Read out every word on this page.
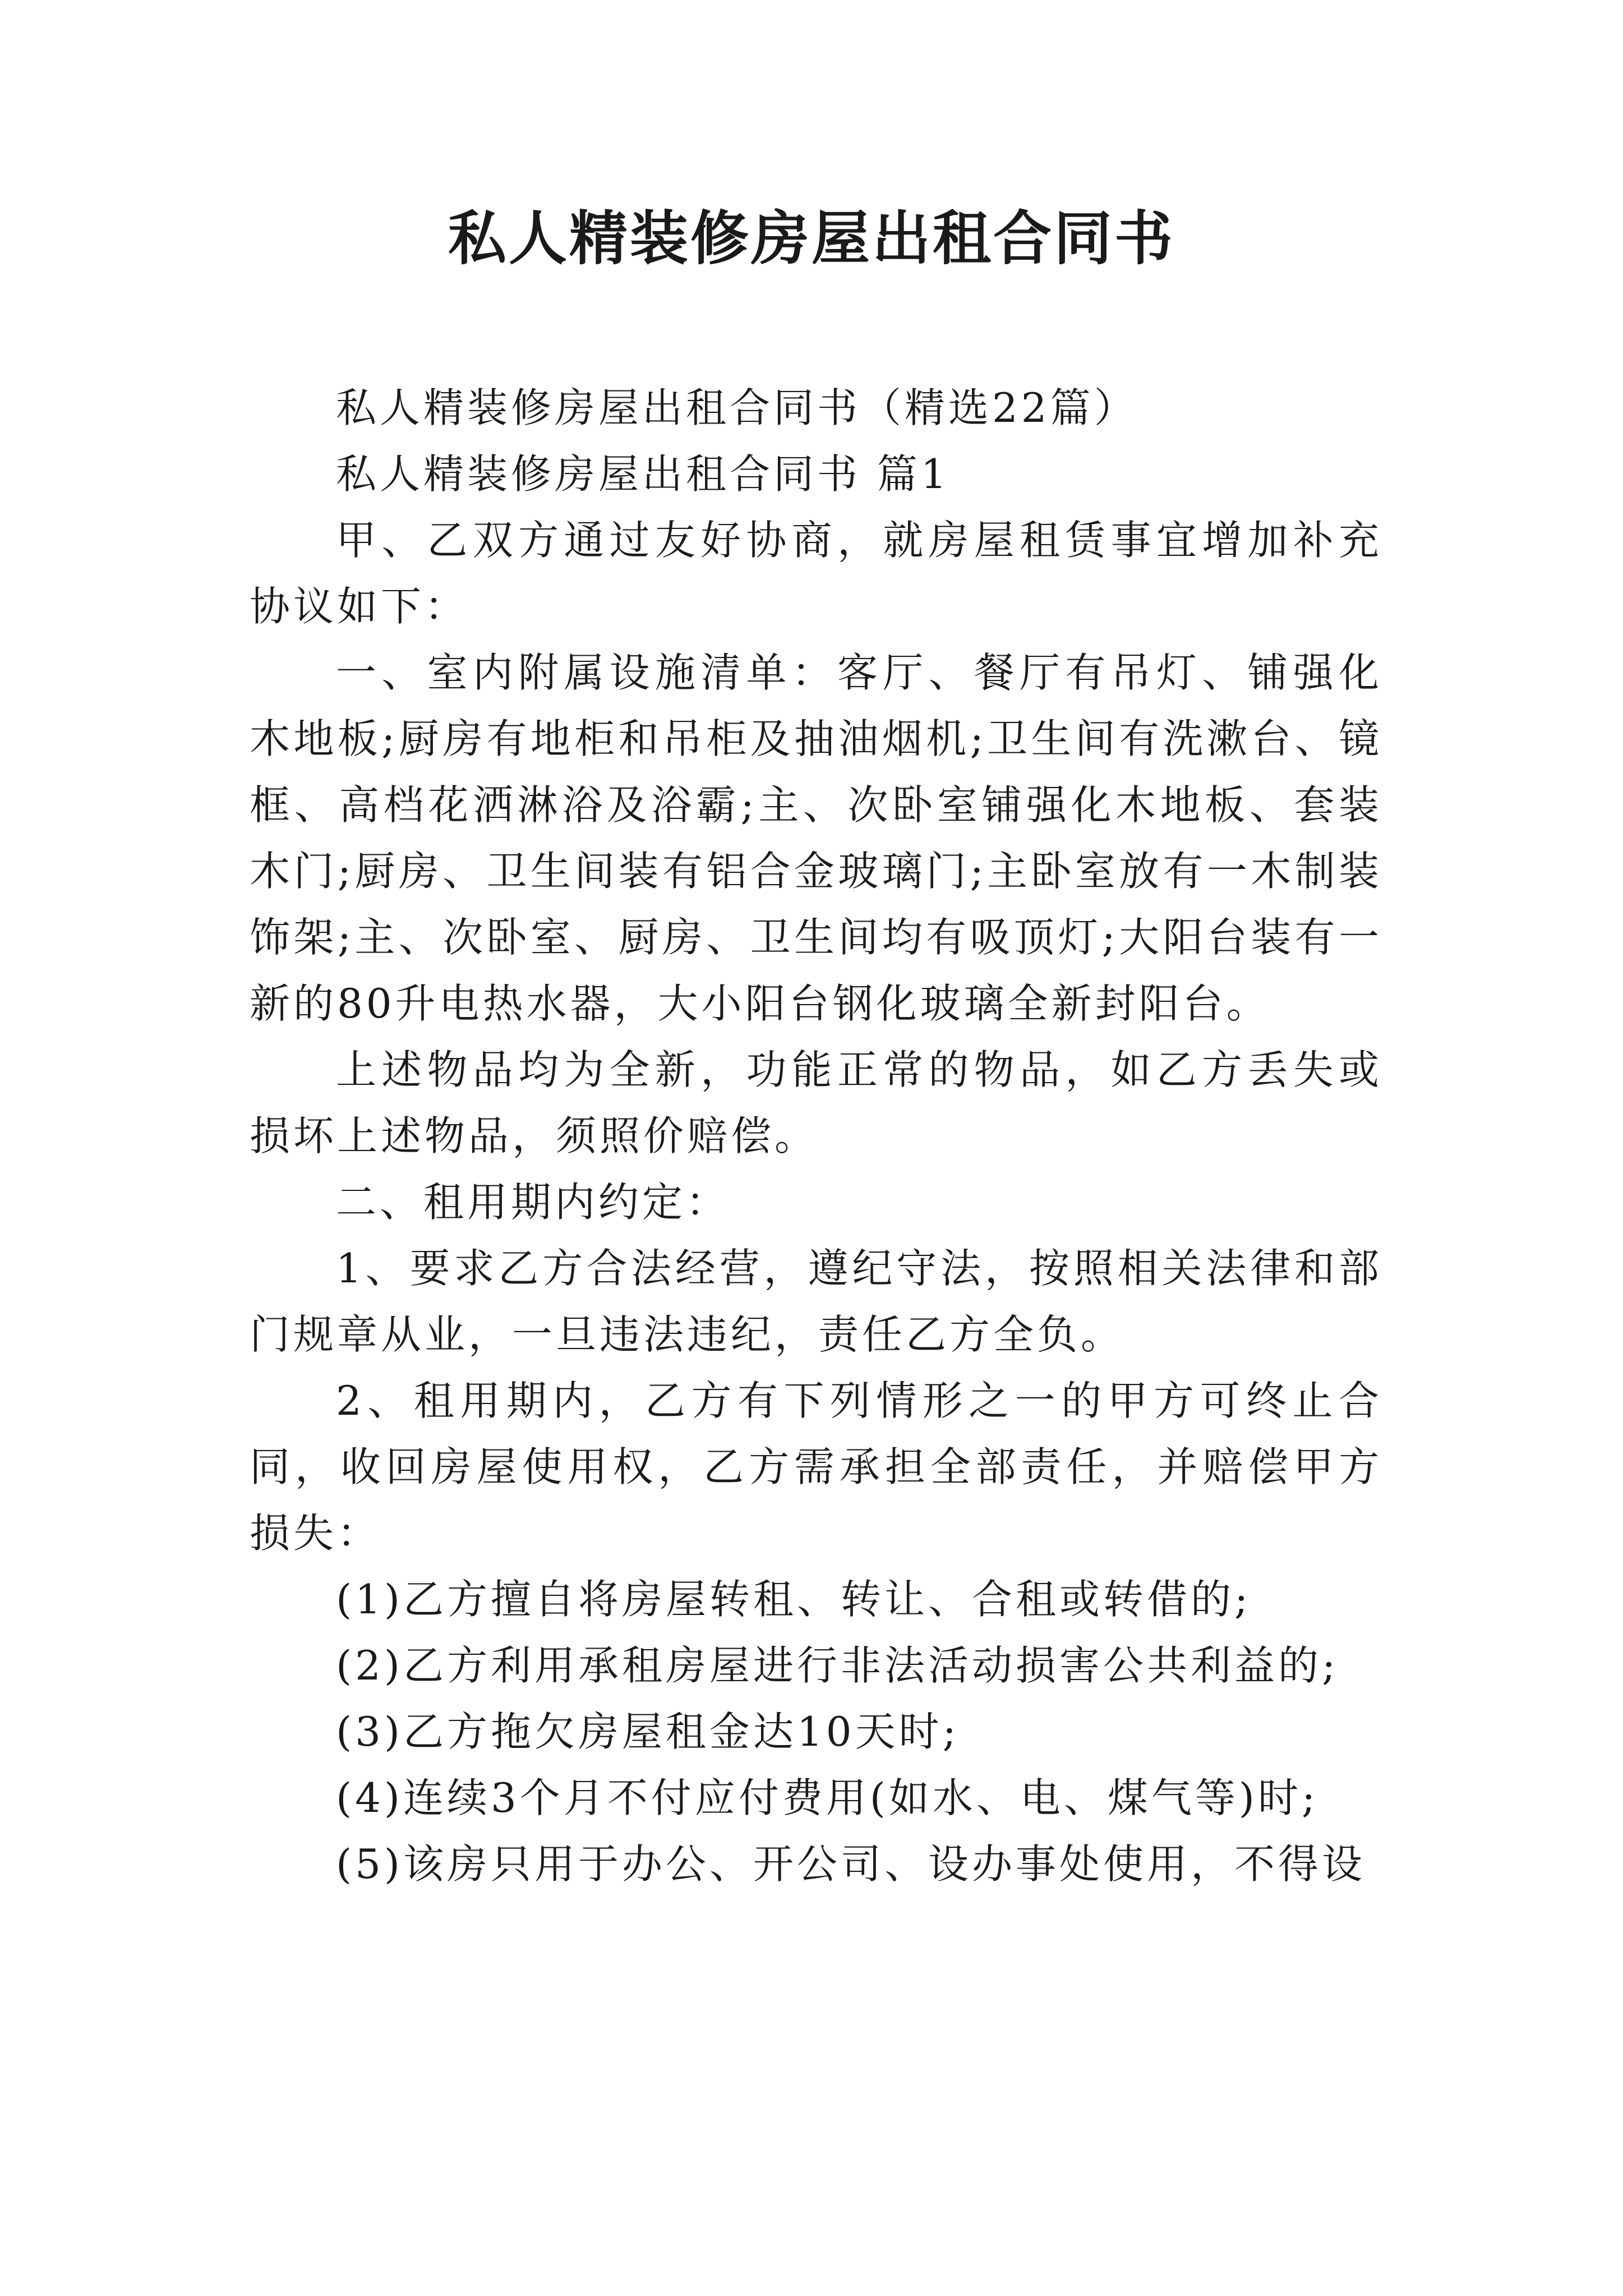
私人精装修房屋出租合同书

私人精装修房屋出租合同书（精选22篇）

私人精装修房屋出租合同书 篇1

甲、乙双方通过友好协商，就房屋租赁事宜增加补充协议如下：

一、室内附属设施清单：客厅、餐厅有吊灯、铺强化木地板;厨房有地柜和吊柜及抽油烟机;卫生间有洗漱台、镜框、高档花洒淋浴及浴霸;主、次卧室铺强化木地板、套装木门;厨房、卫生间装有铝合金玻璃门;主卧室放有一木制装饰架;主、次卧室、厨房、卫生间均有吸顶灯;大阳台装有一新的80升电热水器，大小阳台钢化玻璃全新封阳台。

上述物品均为全新，功能正常的物品，如乙方丢失或损坏上述物品，须照价赔偿。

二、租用期内约定：

1、要求乙方合法经营，遵纪守法，按照相关法律和部门规章从业，一旦违法违纪，责任乙方全负。

2、租用期内，乙方有下列情形之一的甲方可终止合同，收回房屋使用权，乙方需承担全部责任，并赔偿甲方损失：

(1)乙方擅自将房屋转租、转让、合租或转借的;

(2)乙方利用承租房屋进行非法活动损害公共利益的;

(3)乙方拖欠房屋租金达10天时;

(4)连续3个月不付应付费用(如水、电、煤气等)时;

(5)该房只用于办公、开公司、设办事处使用，不得设
